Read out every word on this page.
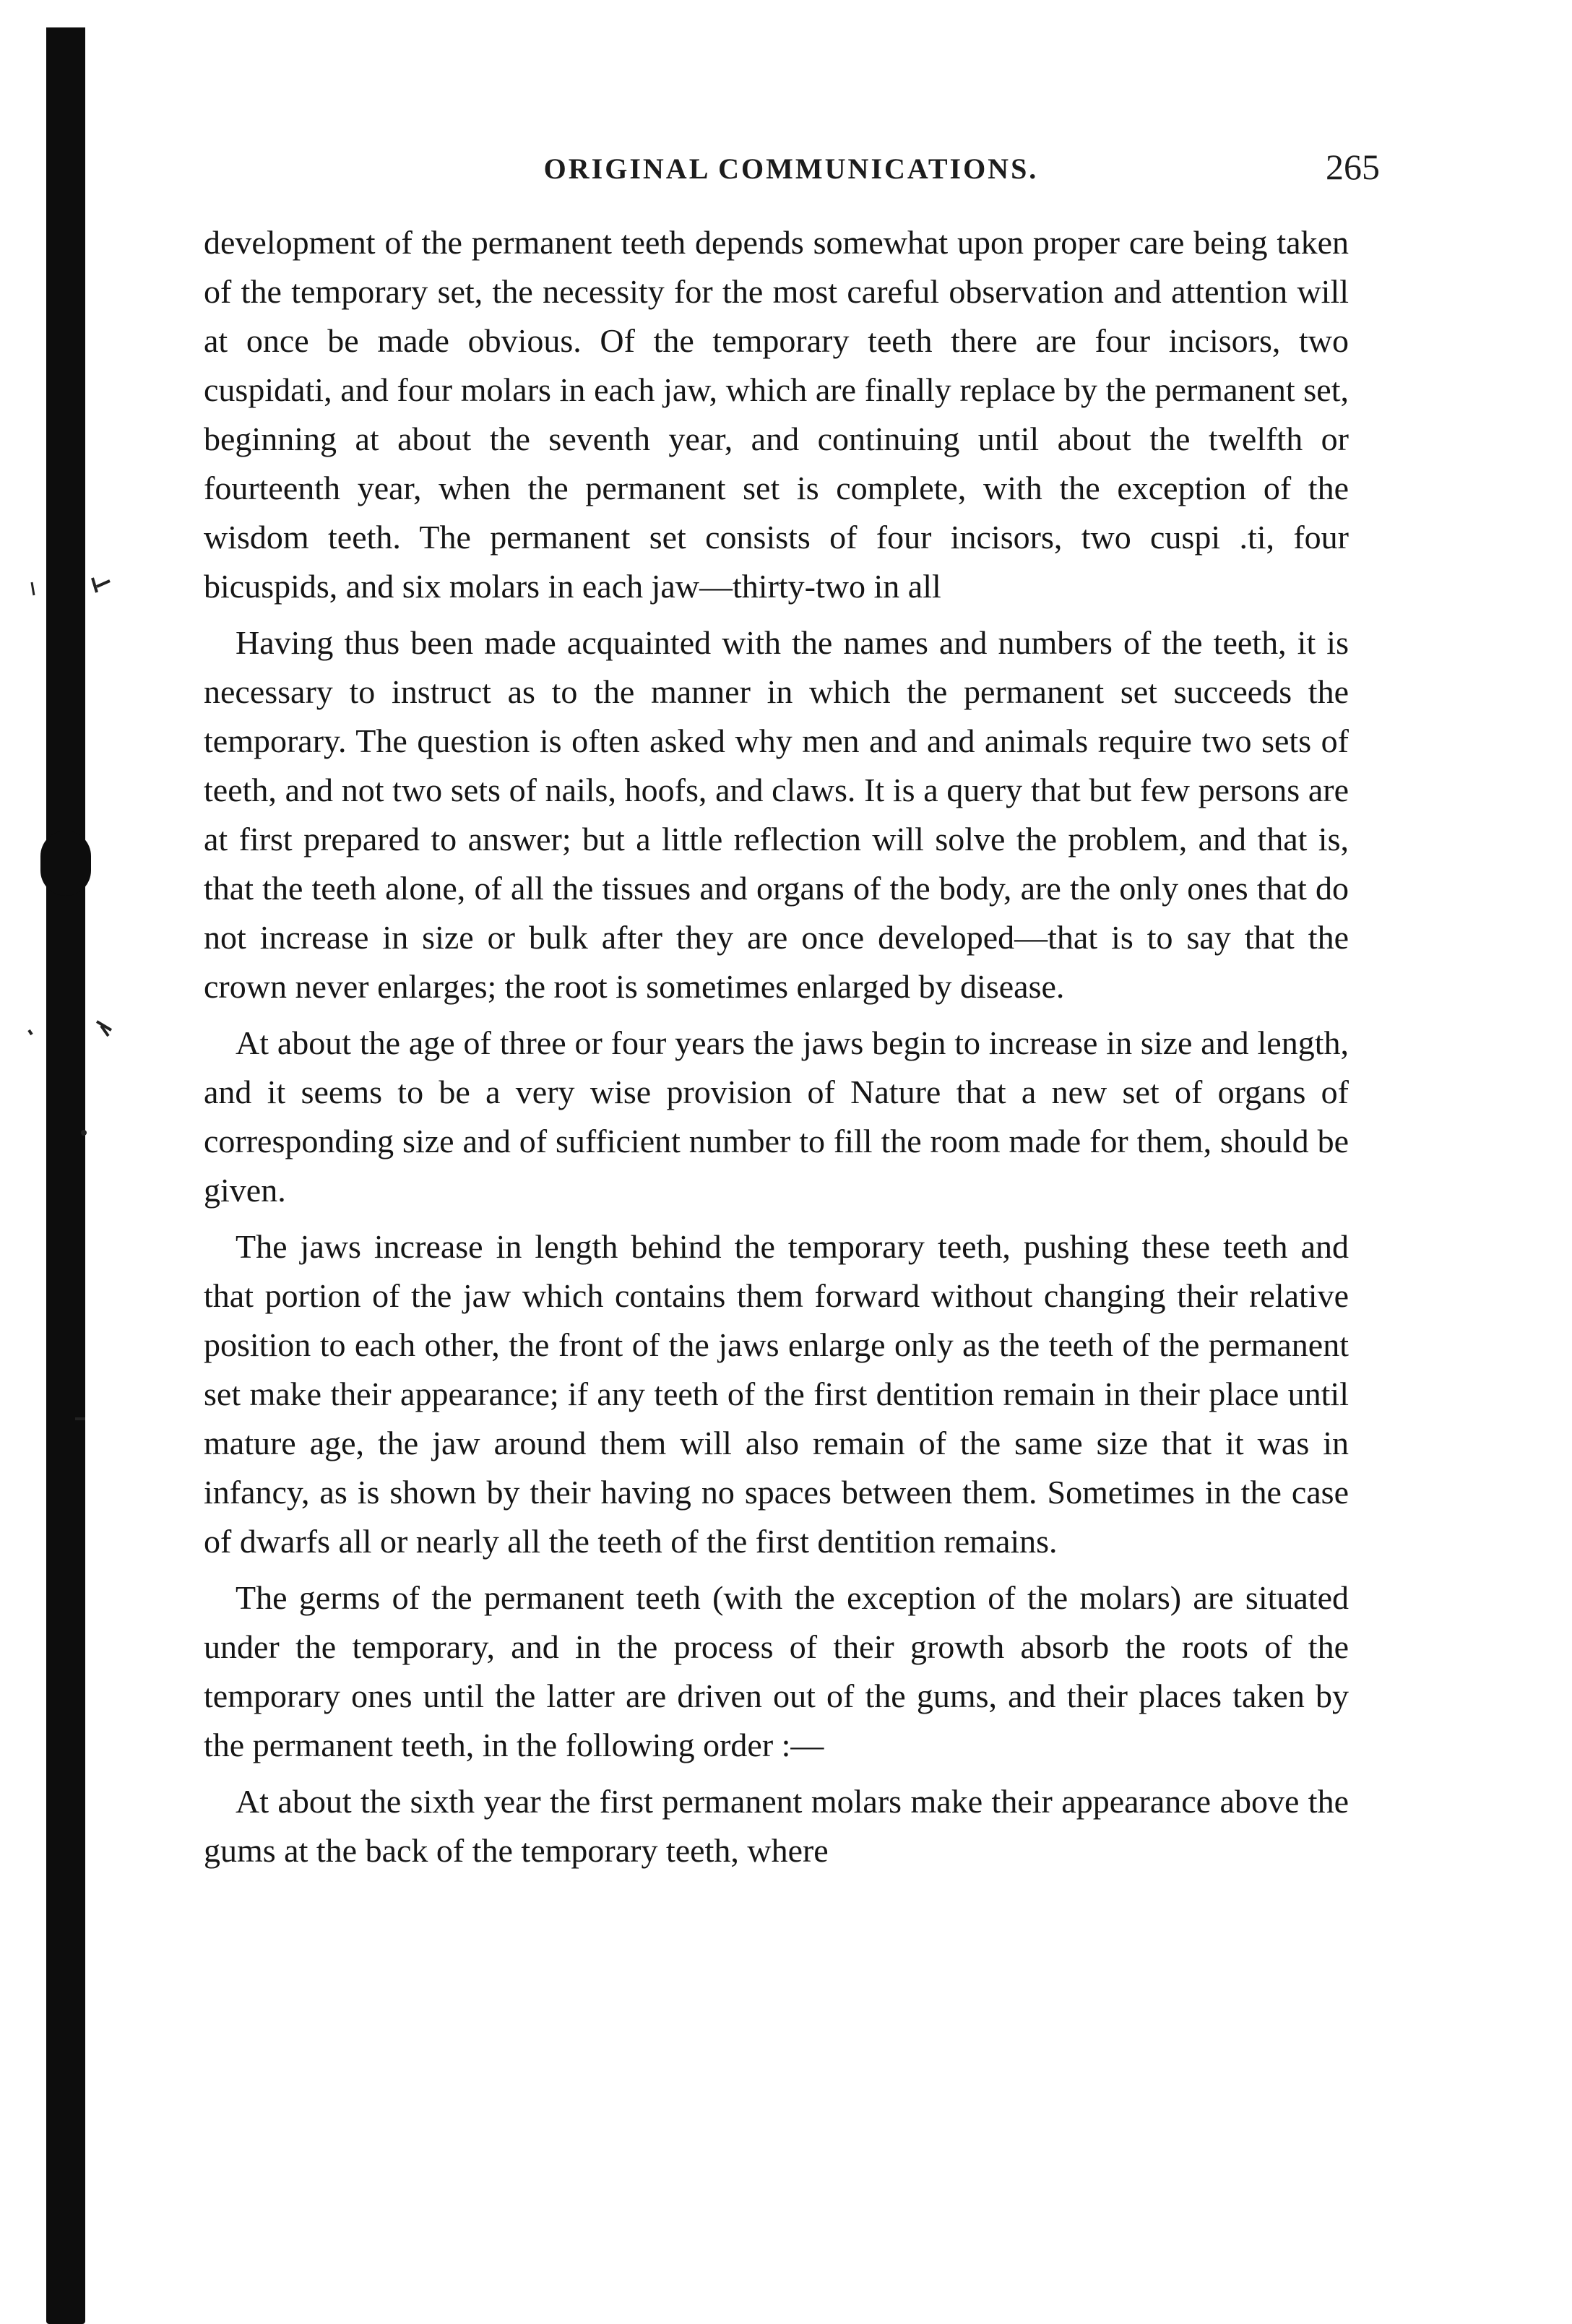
ORIGINAL COMMUNICATIONS.	265

development of the permanent teeth depends somewhat upon proper care being taken of the temporary set, the necessity for the most careful observation and attention will at once be made obvious. Of the temporary teeth there are four incisors, two cuspidati, and four molars in each jaw, which are finally replace by the permanent set, beginning at about the seventh year, and continuing until about the twelfth or fourteenth year, when the permanent set is complete, with the exception of the wisdom teeth. The permanent set consists of four incisors, two cuspi .ti, four bicuspids, and six molars in each jaw—thirty-two in all

Having thus been made acquainted with the names and numbers of the teeth, it is necessary to instruct as to the manner in which the permanent set succeeds the temporary. The question is often asked why men and and animals require two sets of teeth, and not two sets of nails, hoofs, and claws. It is a query that but few persons are at first prepared to answer; but a little reflection will solve the problem, and that is, that the teeth alone, of all the tissues and organs of the body, are the only ones that do not increase in size or bulk after they are once developed—that is to say that the crown never enlarges; the root is sometimes enlarged by disease.

At about the age of three or four years the jaws begin to increase in size and length, and it seems to be a very wise provision of Nature that a new set of organs of corresponding size and of sufficient number to fill the room made for them, should be given.

The jaws increase in length behind the temporary teeth, pushing these teeth and that portion of the jaw which contains them forward without changing their relative position to each other, the front of the jaws enlarge only as the teeth of the permanent set make their appearance; if any teeth of the first dentition remain in their place until mature age, the jaw around them will also remain of the same size that it was in infancy, as is shown by their having no spaces between them. Sometimes in the case of dwarfs all or nearly all the teeth of the first dentition remains.

The germs of the permanent teeth (with the exception of the molars) are situated under the temporary, and in the process of their growth absorb the roots of the temporary ones until the latter are driven out of the gums, and their places taken by the permanent teeth, in the following order :—

At about the sixth year the first permanent molars make their appearance above the gums at the back of the temporary teeth, where
